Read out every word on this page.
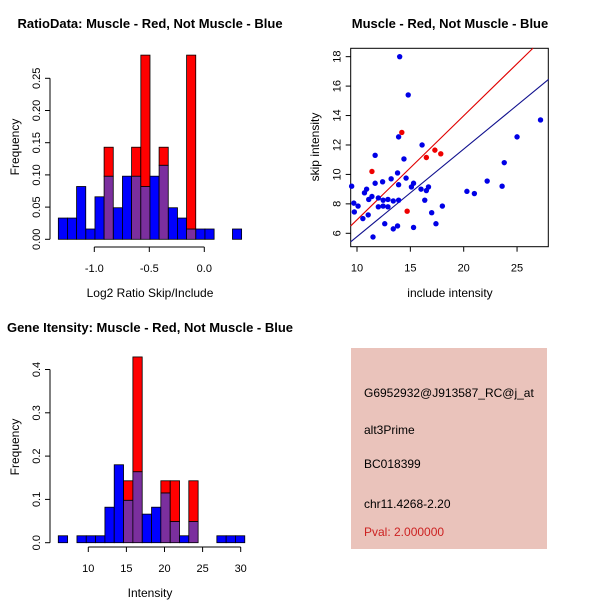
0.00
0.05
0.10
0.15
0.20
0.25
-1.0	-0.5	0.0
RatioData: Muscle - Red, Not Muscle - Blue
Log2 Ratio Skip/Include
Frequency
10	15	20	25
6
8
10
12
14
16
18
Muscle - Red, Not Muscle - Blue
include intensity
skip intensity
0.0
0.1
0.2
0.3
0.4
10 15 20 25 30
Gene Itensity: Muscle - Red, Not Muscle - Blue
Intensity
Frequency
G6952932@J913587_RC@j_at
alt3Prime
BC018399
chr11.4268-2.20
Pval: 2.000000
